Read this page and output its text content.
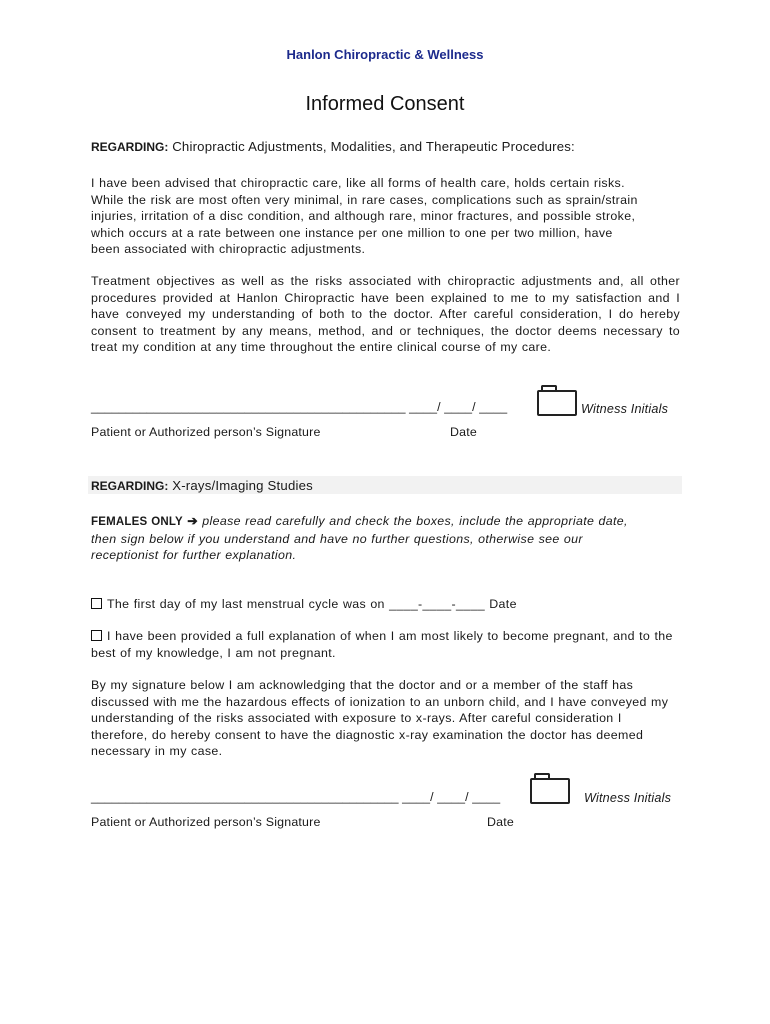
Hanlon Chiropractic & Wellness
Informed Consent
REGARDING: Chiropractic Adjustments, Modalities, and Therapeutic Procedures:
I have been advised that chiropractic care, like all forms of health care, holds certain risks.
While the risk are most often very minimal, in rare cases, complications such as sprain/strain
injuries, irritation of a disc condition, and although rare, minor fractures, and possible stroke,
which occurs at a rate between one instance per one million to one per two million, have
been associated with chiropractic adjustments.
Treatment objectives as well as the risks associated with chiropractic adjustments and, all other procedures provided at Hanlon Chiropractic have been explained to me to my satisfaction and I have conveyed my understanding of both to the doctor. After careful consideration, I do hereby consent to treatment by any means, method, and or techniques, the doctor deems necessary to treat my condition at any time throughout the entire clinical course of my care.
_____________________________________________ ____/ ____/ ____	Witness Initials
Patient or Authorized person’s Signature	Date
REGARDING: X-rays/Imaging Studies
FEMALES ONLY ➔ please read carefully and check the boxes, include the appropriate date,
then sign below if you understand and have no further questions, otherwise see our receptionist for further explanation.
The first day of my last menstrual cycle was on ____-____-____ Date
I have been provided a full explanation of when I am most likely to become pregnant, and to the best of my knowledge, I am not pregnant.
By my signature below I am acknowledging that the doctor and or a member of the staff has discussed with me the hazardous effects of ionization to an unborn child, and I have conveyed my understanding of the risks associated with exposure to x-rays. After careful consideration I therefore, do hereby consent to have the diagnostic x-ray examination the doctor has deemed necessary in my case.
____________________________________________ ____/ ____/ ____	Witness Initials
Patient or Authorized person’s Signature	Date
